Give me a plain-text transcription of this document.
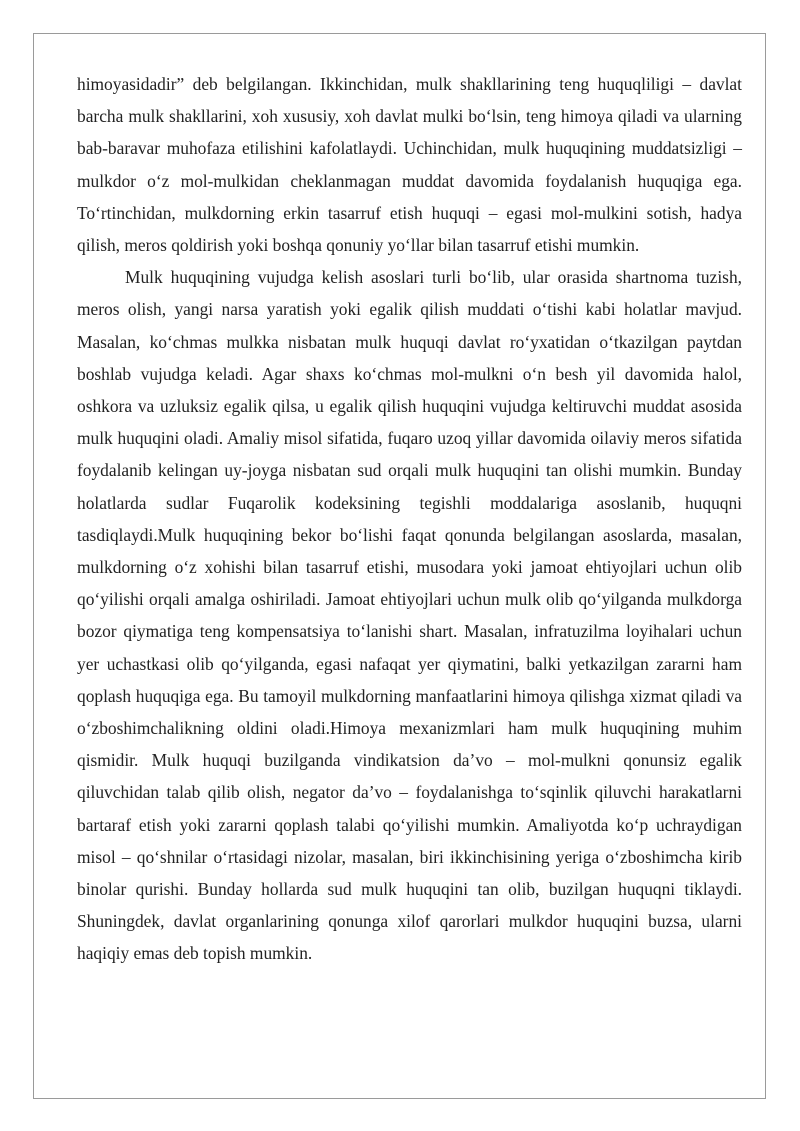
himoyasidadir” deb belgilangan. Ikkinchidan, mulk shakllarining teng huquqliligi – davlat barcha mulk shakllarini, xoh xususiy, xoh davlat mulki bo‘lsin, teng himoya qiladi va ularning bab-baravar muhofaza etilishini kafolatlaydi. Uchinchidan, mulk huquqining muddatsizligi – mulkdor o‘z mol-mulkidan cheklanmagan muddat davomida foydalanish huquqiga ega. To‘rtinchidan, mulkdorning erkin tasarruf etish huquqi – egasi mol-mulkini sotish, hadya qilish, meros qoldirish yoki boshqa qonuniy yo‘llar bilan tasarruf etishi mumkin.

Mulk huquqining vujudga kelish asoslari turli bo‘lib, ular orasida shartnoma tuzish, meros olish, yangi narsa yaratish yoki egalik qilish muddati o‘tishi kabi holatlar mavjud. Masalan, ko‘chmas mulkka nisbatan mulk huquqi davlat ro‘yxatidan o‘tkazilgan paytdan boshlab vujudga keladi. Agar shaxs ko‘chmas mol-mulkni o‘n besh yil davomida halol, oshkora va uzluksiz egalik qilsa, u egalik qilish huquqini vujudga keltiruvchi muddat asosida mulk huquqini oladi. Amaliy misol sifatida, fuqaro uzoq yillar davomida oilaviy meros sifatida foydalanib kelingan uy-joyga nisbatan sud orqali mulk huquqini tan olishi mumkin. Bunday holatlarda sudlar Fuqarolik kodeksining tegishli moddalariga asoslanib, huquqni tasdiqlaydi.Mulk huquqining bekor bo‘lishi faqat qonunda belgilangan asoslarda, masalan, mulkdorning o‘z xohishi bilan tasarruf etishi, musodara yoki jamoat ehtiyojlari uchun olib qo‘yilishi orqali amalga oshiriladi. Jamoat ehtiyojlari uchun mulk olib qo‘yilganda mulkdorga bozor qiymatiga teng kompensatsiya to‘lanishi shart. Masalan, infratuzilma loyihalari uchun yer uchastkasi olib qo‘yilganda, egasi nafaqat yer qiymatini, balki yetkazilgan zararni ham qoplash huquqiga ega. Bu tamoyil mulkdorning manfaatlarini himoya qilishga xizmat qiladi va o‘zboshimchalikning oldini oladi.Himoya mexanizmlari ham mulk huquqining muhim qismidir. Mulk huquqi buzilganda vindikatsion da’vo – mol-mulkni qonunsiz egalik qiluvchidan talab qilib olish, negator da’vo – foydalanishga to‘sqinlik qiluvchi harakatlarni bartaraf etish yoki zararni qoplash talabi qo‘yilishi mumkin. Amaliyotda ko‘p uchraydigan misol – qo‘shnilar o‘rtasidagi nizolar, masalan, biri ikkinchisining yeriga o‘zboshimcha kirib binolar qurishi. Bunday hollarda sud mulk huquqini tan olib, buzilgan huquqni tiklaydi. Shuningdek, davlat organlarining qonunga xilof qarorlari mulkdor huquqini buzsa, ularni haqiqiy emas deb topish mumkin.
